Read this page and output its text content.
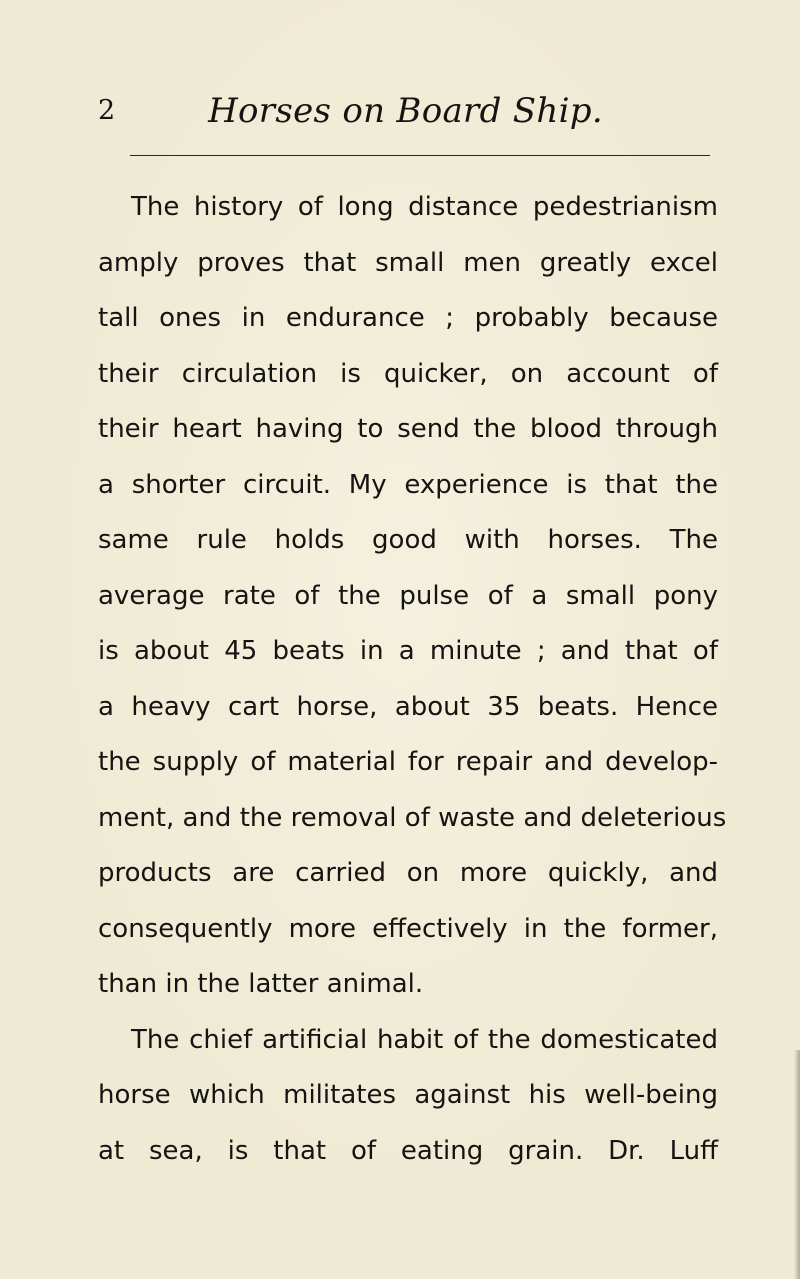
2	Horses on Board Ship.
The history of long distance pedestrianism
amply proves that small men greatly excel
tall ones in endurance ; probably because
their circulation is quicker, on account of
their heart having to send the blood through
a shorter circuit. My experience is that the
same rule holds good with horses. The
average rate of the pulse of a small pony
is about 45 beats in a minute ; and that of
a heavy cart horse, about 35 beats. Hence
the supply of material for repair and develop-
ment, and the removal of waste and deleterious
products are carried on more quickly, and
consequently more effectively in the former,
than in the latter animal.
The chief artificial habit of the domesticated
horse which militates against his well-being
at sea, is that of eating grain. Dr. Luff
